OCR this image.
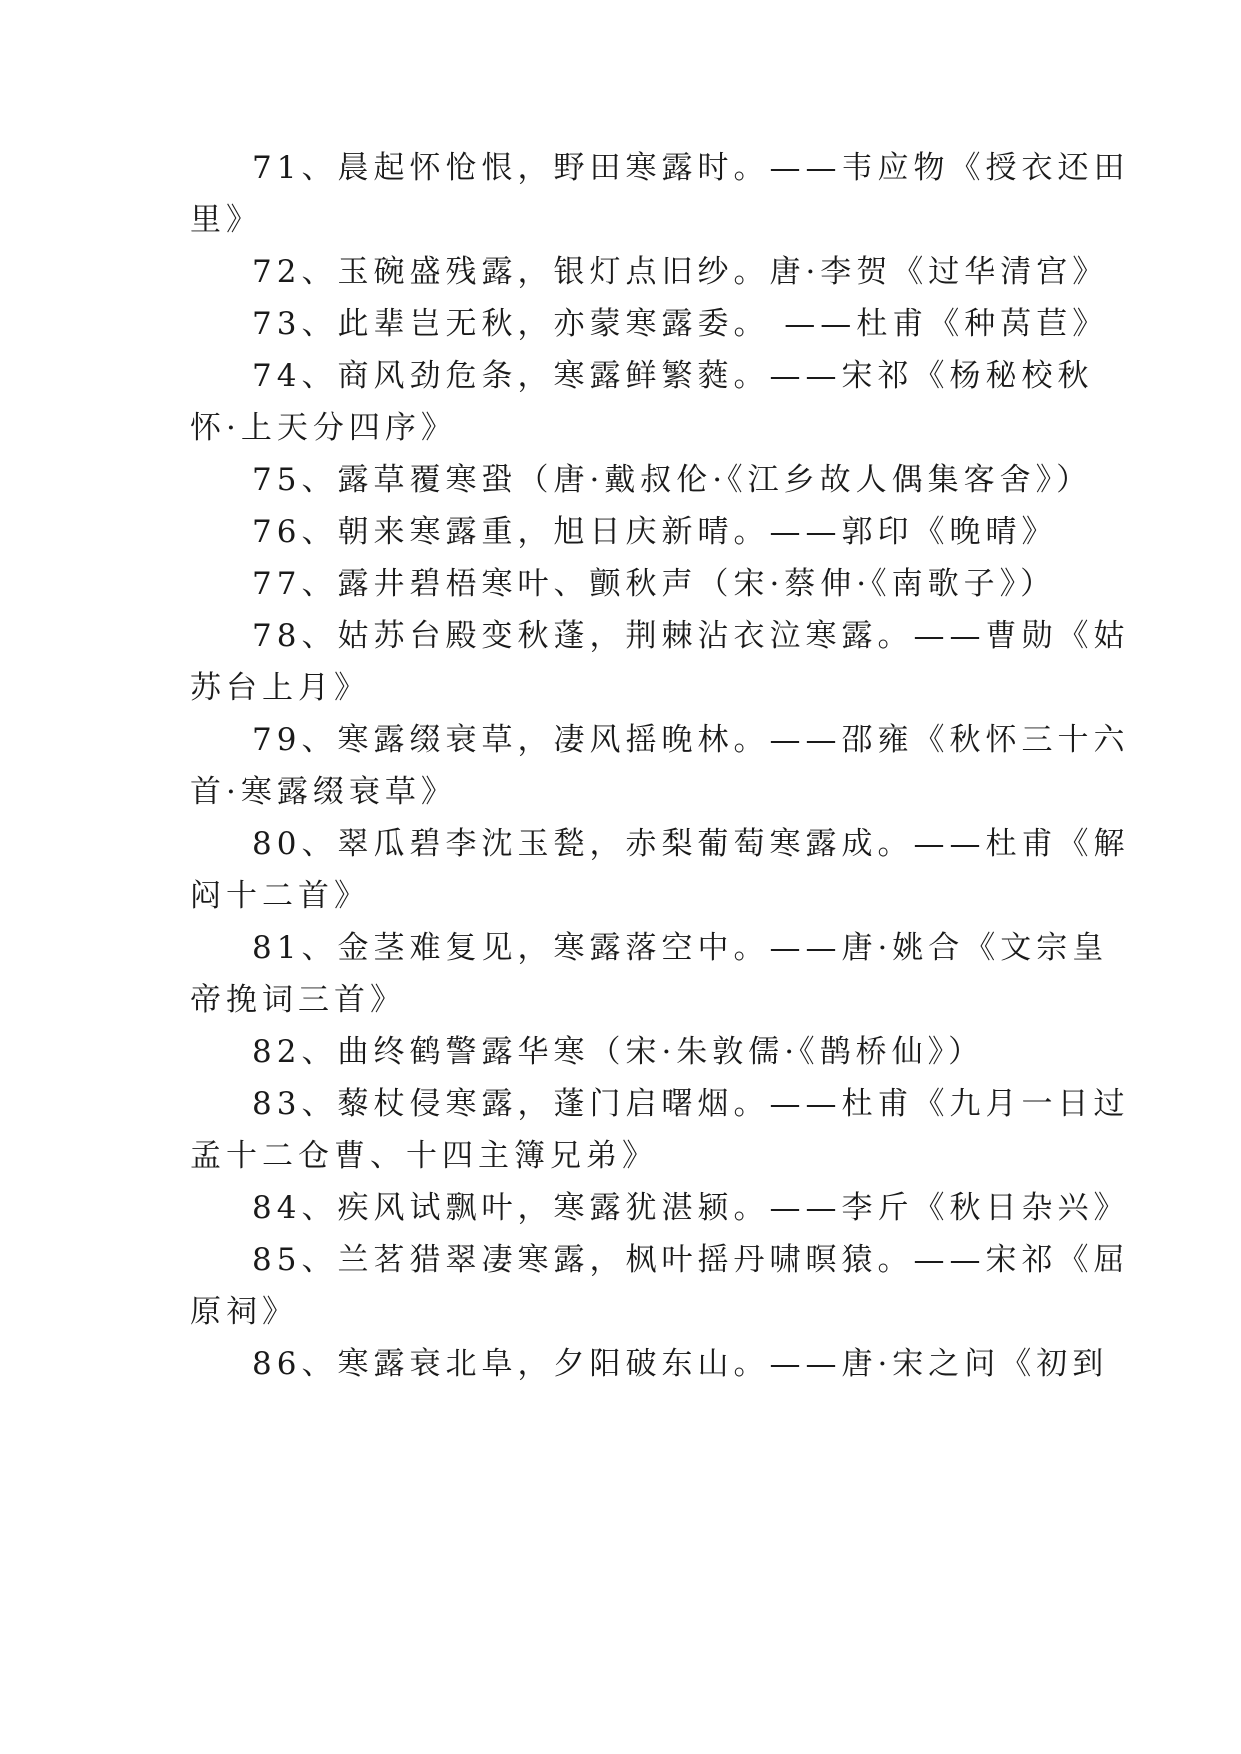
71、晨起怀怆恨，野田寒露时。——韦应物《授衣还田
里》
72、玉碗盛残露，银灯点旧纱。唐·李贺《过华清宫》
73、此辈岂无秋，亦蒙寒露委。 ——杜甫《种莴苣》
74、商风劲危条，寒露鲜繁蕤。——宋祁《杨秘校秋
怀·上天分四序》
75、露草覆寒蛩（唐·戴叔伦·《江乡故人偶集客舍》）
76、朝来寒露重，旭日庆新晴。——郭印《晚晴》
77、露井碧梧寒叶、颤秋声（宋·蔡伸·《南歌子》）
78、姑苏台殿变秋蓬，荆棘沾衣泣寒露。——曹勋《姑
苏台上月》
79、寒露缀衰草，凄风摇晚林。——邵雍《秋怀三十六
首·寒露缀衰草》
80、翠瓜碧李沈玉甃，赤梨葡萄寒露成。——杜甫《解
闷十二首》
81、金茎难复见，寒露落空中。——唐·姚合《文宗皇
帝挽词三首》
82、曲终鹤警露华寒（宋·朱敦儒·《鹊桥仙》）
83、藜杖侵寒露，蓬门启曙烟。——杜甫《九月一日过
孟十二仓曹、十四主簿兄弟》
84、疾风试飘叶，寒露犹湛颍。——李斤《秋日杂兴》
85、兰茗猎翠凄寒露，枫叶摇丹啸暝猿。——宋祁《屈
原祠》
86、寒露衰北阜，夕阳破东山。——唐·宋之问《初到
